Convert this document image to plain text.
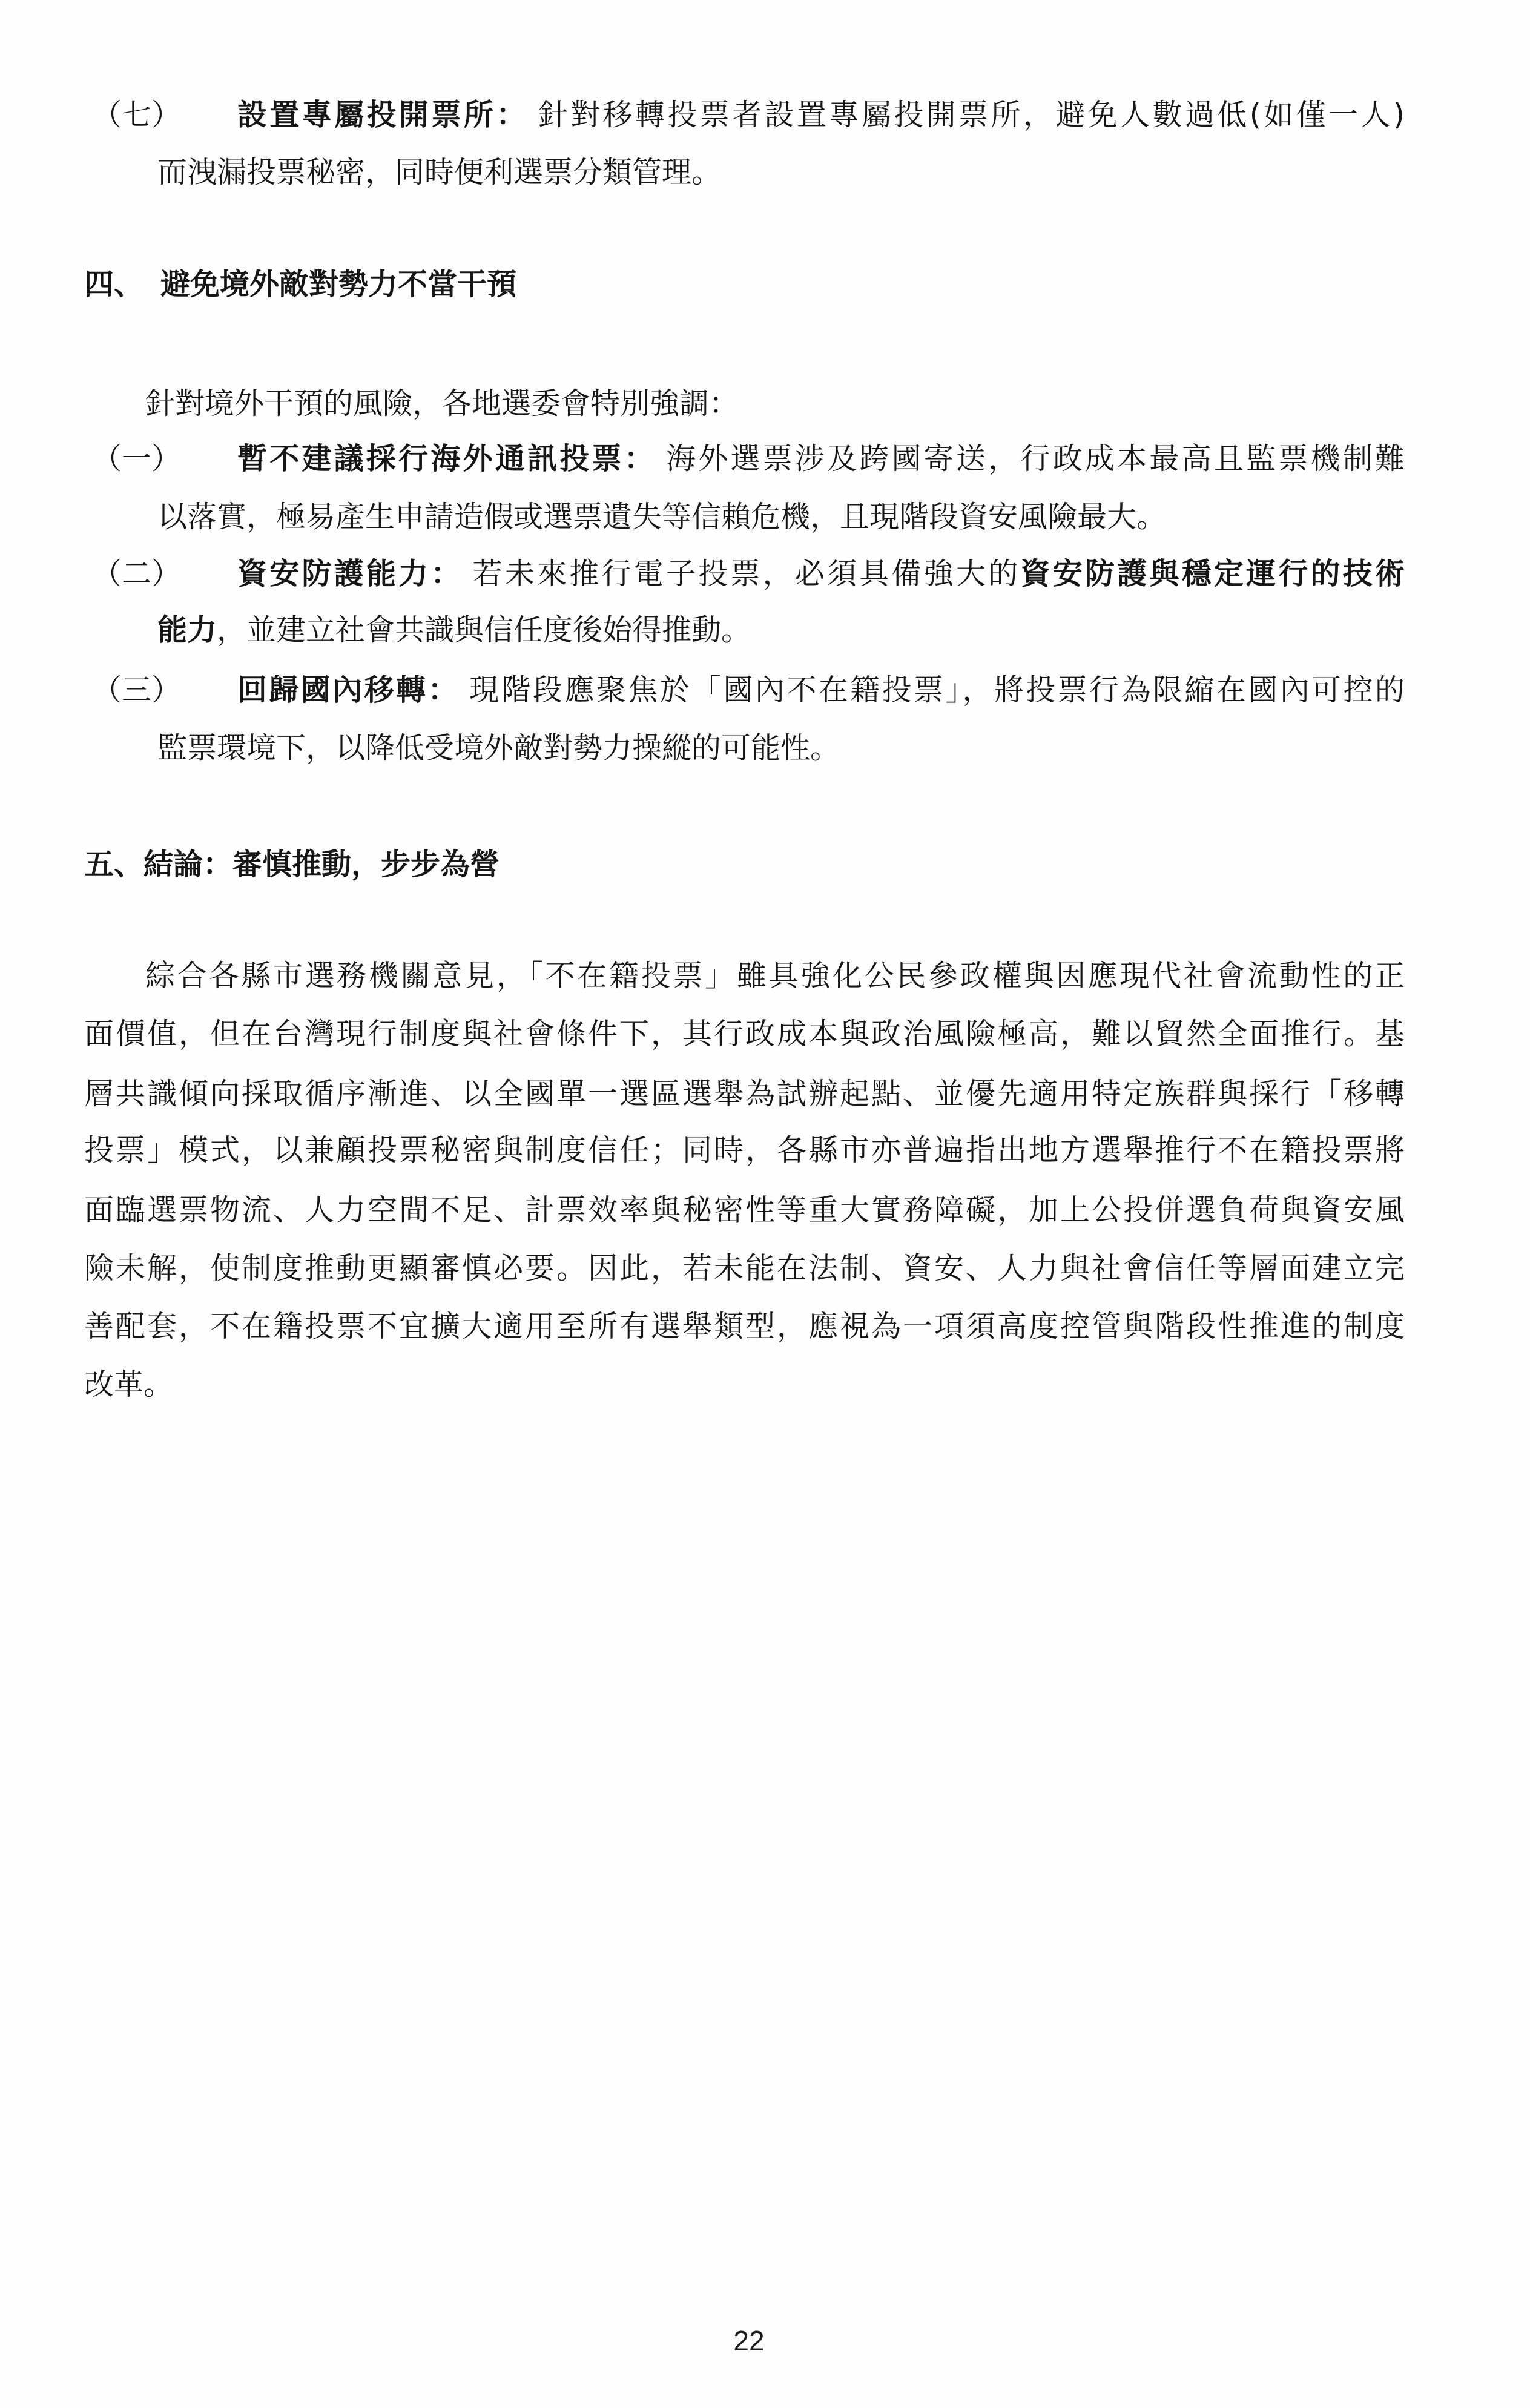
（七） 設置專屬投開票所： 針對移轉投票者設置專屬投開票所，避免人數過低(如僅一人)
而洩漏投票秘密，同時便利選票分類管理。
四、 避免境外敵對勢力不當干預
針對境外干預的風險，各地選委會特別強調：
（一） 暫不建議採行海外通訊投票： 海外選票涉及跨國寄送，行政成本最高且監票機制難
以落實，極易產生申請造假或選票遺失等信賴危機，且現階段資安風險最大。
（二） 資安防護能力： 若未來推行電子投票，必須具備強大的資安防護與穩定運行的技術
能力，並建立社會共識與信任度後始得推動。
（三） 回歸國內移轉： 現階段應聚焦於「國內不在籍投票」，將投票行為限縮在國內可控的
監票環境下，以降低受境外敵對勢力操縱的可能性。
五、結論：審慎推動，步步為營
綜合各縣市選務機關意見，「不在籍投票」雖具強化公民參政權與因應現代社會流動性的正
面價值，但在台灣現行制度與社會條件下，其行政成本與政治風險極高，難以貿然全面推行。基
層共識傾向採取循序漸進、以全國單一選區選舉為試辦起點、並優先適用特定族群與採行「移轉
投票」模式，以兼顧投票秘密與制度信任；同時，各縣市亦普遍指出地方選舉推行不在籍投票將
面臨選票物流、人力空間不足、計票效率與秘密性等重大實務障礙，加上公投併選負荷與資安風
險未解，使制度推動更顯審慎必要。因此，若未能在法制、資安、人力與社會信任等層面建立完
善配套，不在籍投票不宜擴大適用至所有選舉類型，應視為一項須高度控管與階段性推進的制度
改革。
22
